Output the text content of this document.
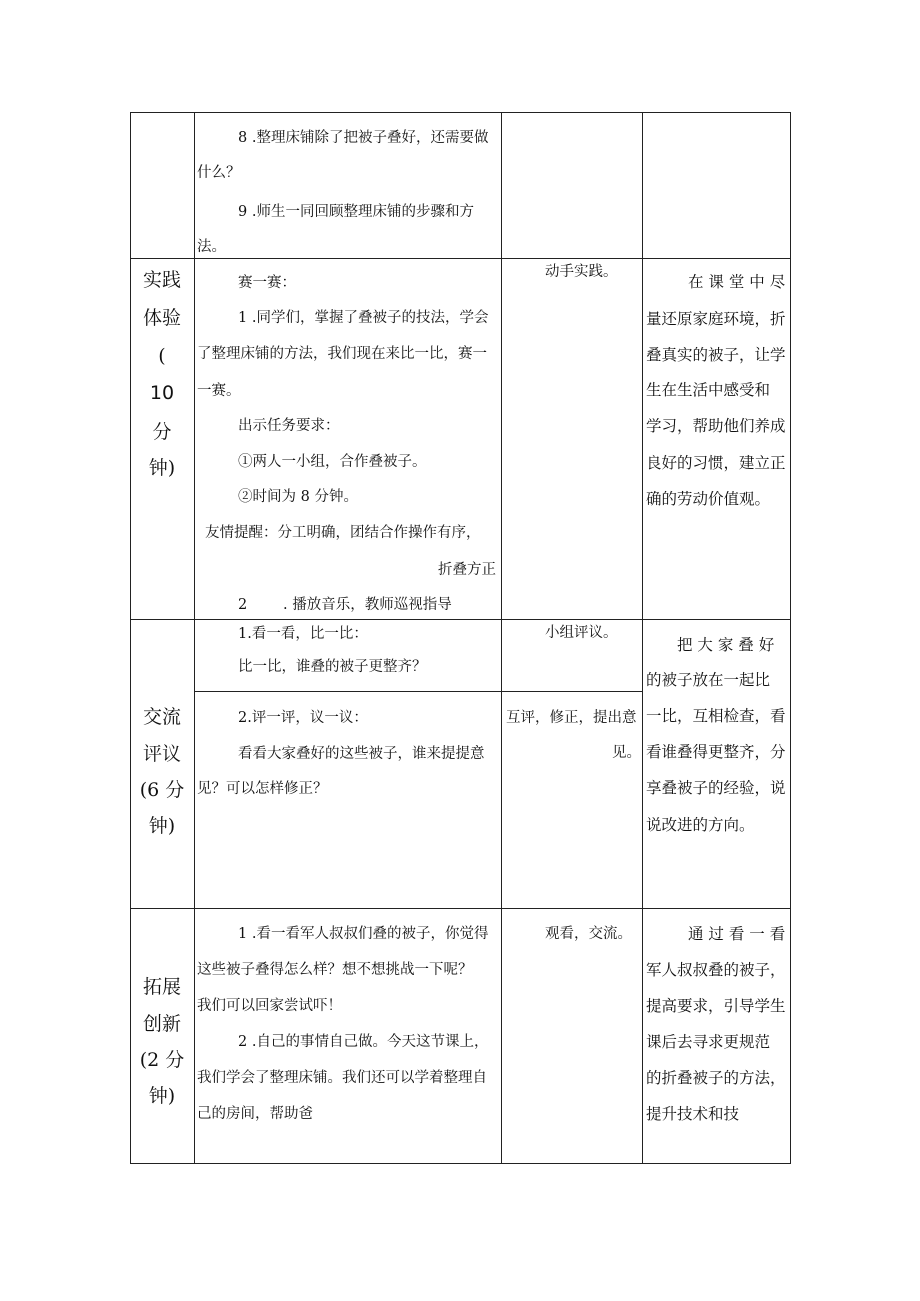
8 .整理床铺除了把被子叠好，还需要做
什么？
9 .师生一同回顾整理床铺的步骤和方
法。
实践
体验
(
10
分
钟)
赛一赛：
1 .同学们，掌握了叠被子的技法，学会
了整理床铺的方法，我们现在来比一比，赛一
一赛。
出示任务要求：
①两人一小组，合作叠被子。
②时间为 8 分钟。
友情提醒：分工明确，团结合作操作有序，
折叠方正
2 . 播放音乐，教师巡视指导
动手实践。
在 课 堂 中 尽
量还原家庭环境，折
叠真实的被子，让学
生在生活中感受和
学习，帮助他们养成
良好的习惯，建立正
确的劳动价值观。
交流
评议
(6 分
钟)
1.看一看，比一比：
比一比，谁叠的被子更整齐？
小组评议。
2.评一评，议一议：
看看大家叠好的这些被子，谁来提提意
见？可以怎样修正？
互评，修正，提出意
见。
把 大 家 叠 好
的被子放在一起比
一比，互相检查，看
看谁叠得更整齐，分
享叠被子的经验，说
说改进的方向。
拓展
创新
(2 分
钟)
1 .看一看军人叔叔们叠的被子，你觉得
这些被子叠得怎么样？想不想挑战一下呢？
我们可以回家尝试吓！
2 .自己的事情自己做。今天这节课上，
我们学会了整理床铺。我们还可以学着整理自
己的房间，帮助爸
观看，交流。	通 过 看 一 看
军人叔叔叠的被子，
提高要求，引导学生
课后去寻求更规范
的折叠被子的方法，
提升技术和技
